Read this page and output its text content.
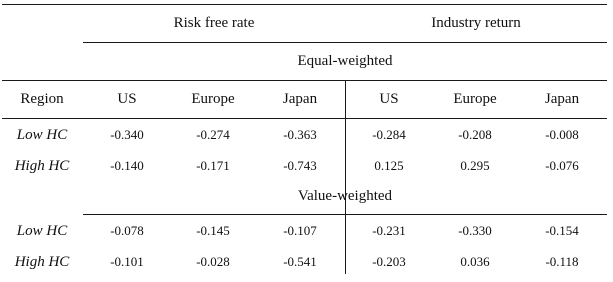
Risk free rate	Industry return
Equal-weighted
Region	US	Europe	Japan	US	Europe	Japan
Low HC	-0.340	-0.274	-0.363	-0.284	-0.208	-0.008
High HC	-0.140	-0.171	-0.743	0.125	0.295	-0.076
Value-weighted
Low HC	-0.078	-0.145	-0.107	-0.231	-0.330	-0.154
High HC	-0.101	-0.028	-0.541	-0.203	0.036	-0.118
